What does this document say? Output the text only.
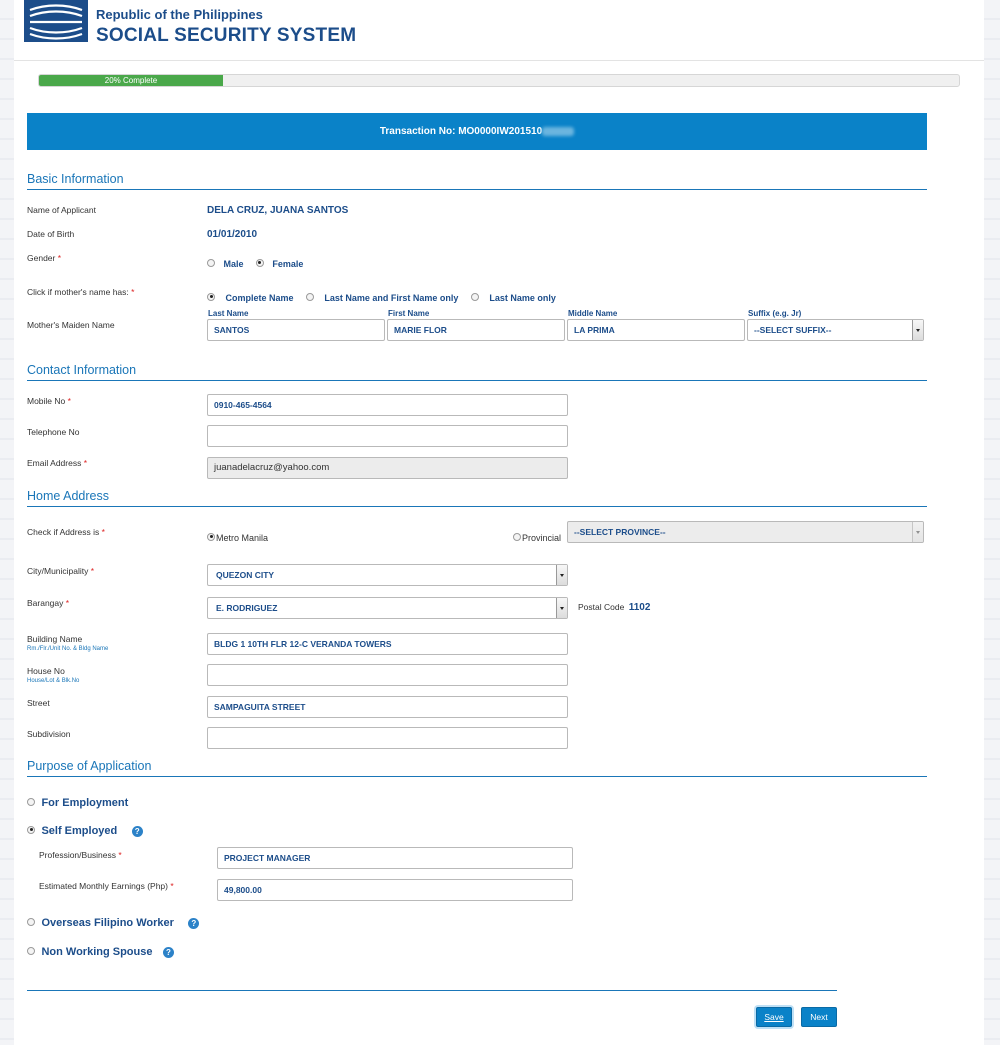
Republic of the Philippines
SOCIAL SECURITY SYSTEM
20% Complete
Transaction No: MO0000IW201510
Basic Information
Name of Applicant	DELA CRUZ, JUANA SANTOS
Date of Birth	01/01/2010
Gender *
Male	Female
Click if mother's name has: *
Complete Name	Last Name and First Name only	Last Name only
Mother's Maiden Name
Last Name	First Name	Middle Name	Suffix (e.g. Jr)
SANTOS	MARIE FLOR	LA PRIMA	--SELECT SUFFIX--
Contact Information
Mobile No *	0910-465-4564
Telephone No
Email Address *	juanadelacruz@yahoo.com
Home Address
Check if Address is *
Metro Manila	Provincial
--SELECT PROVINCE--
City/Municipality *	QUEZON CITY
Barangay *	E. RODRIGUEZ	Postal Code 1102
Building Name
Rm./Flr./Unit No. & Bldg Name	BLDG 1 10TH FLR 12-C VERANDA TOWERS
House No
House/Lot & Blk.No
Street	SAMPAGUITA STREET
Subdivision
Purpose of Application
For Employment
Self Employed ?
Profession/Business *	PROJECT MANAGER
Estimated Monthly Earnings (Php) *	49,800.00
Overseas Filipino Worker ?
Non Working Spouse ?
Save	Next
